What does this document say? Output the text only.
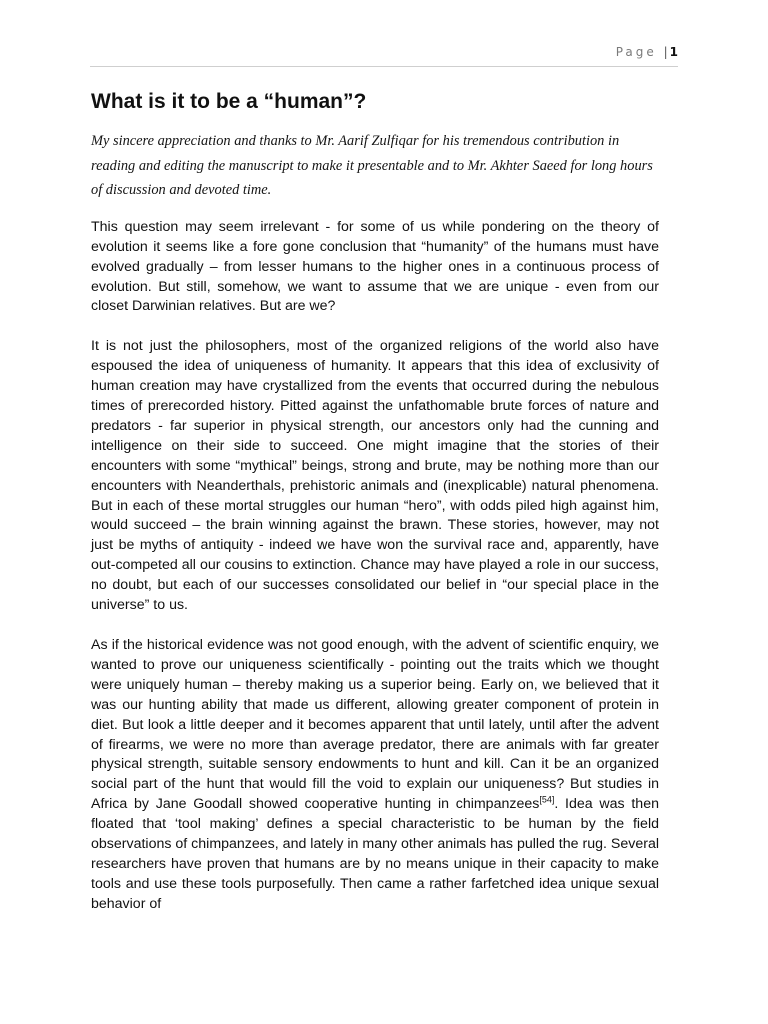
Page | 1
What is it to be a “human”?

My sincere appreciation and thanks to Mr. Aarif Zulfiqar for his tremendous contribution in reading and editing the manuscript to make it presentable and to Mr. Akhter Saeed for long hours of discussion and devoted time.

This question may seem irrelevant - for some of us while pondering on the theory of evolution it seems like a fore gone conclusion that “humanity” of the humans must have evolved gradually – from lesser humans to the higher ones in a continuous process of evolution. But still, somehow, we want to assume that we are unique - even from our closet Darwinian relatives. But are we?

It is not just the philosophers, most of the organized religions of the world also have espoused the idea of uniqueness of humanity. It appears that this idea of exclusivity of human creation may have crystallized from the events that occurred during the nebulous times of prerecorded history. Pitted against the unfathomable brute forces of nature and predators - far superior in physical strength, our ancestors only had the cunning and intelligence on their side to succeed. One might imagine that the stories of their encounters with some “mythical” beings, strong and brute, may be nothing more than our encounters with Neanderthals, prehistoric animals and (inexplicable) natural phenomena. But in each of these mortal struggles our human “hero”, with odds piled high against him, would succeed – the brain winning against the brawn. These stories, however, may not just be myths of antiquity - indeed we have won the survival race and, apparently, have out-competed all our cousins to extinction. Chance may have played a role in our success, no doubt, but each of our successes consolidated our belief in “our special place in the universe” to us.

As if the historical evidence was not good enough, with the advent of scientific enquiry, we wanted to prove our uniqueness scientifically - pointing out the traits which we thought were uniquely human – thereby making us a superior being. Early on, we believed that it was our hunting ability that made us different, allowing greater component of protein in diet. But look a little deeper and it becomes apparent that until lately, until after the advent of firearms, we were no more than average predator, there are animals with far greater physical strength, suitable sensory endowments to hunt and kill. Can it be an organized social part of the hunt that would fill the void to explain our uniqueness? But studies in Africa by Jane Goodall showed cooperative hunting in chimpanzees[54]. Idea was then floated that ‘tool making’ defines a special characteristic to be human by the field observations of chimpanzees, and lately in many other animals has pulled the rug. Several researchers have proven that humans are by no means unique in their capacity to make tools and use these tools purposefully. Then came a rather farfetched idea unique sexual behavior of
